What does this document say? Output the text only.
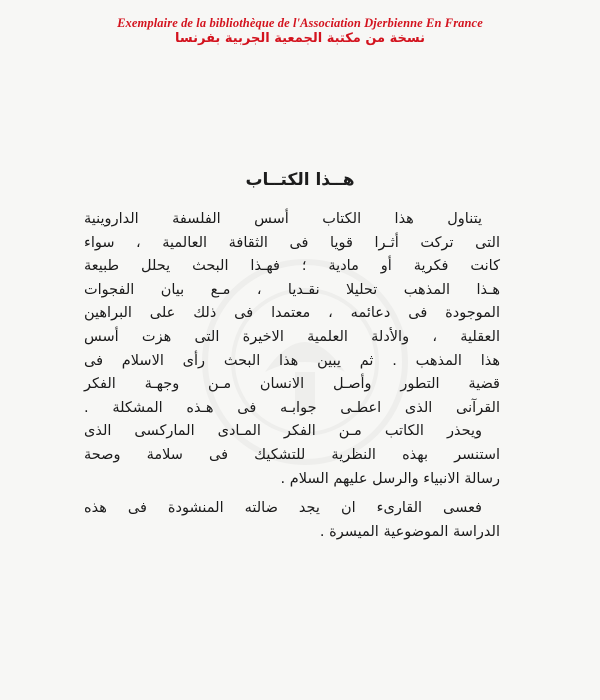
Exemplaire de la bibliothèque de l'Association Djerbienne En France
نسخة من مكتبة الجمعية الجربية بفرنسا
هــذا الكتــاب
يتناول هذا الكتاب أسس الفلسفة الداروينية
التى تركت أثـرا قويا فى الثقافة العالمية ، سواء
كانت فكرية أو مادية ؛ فهـذا البحث يحلل طبيعة
هـذا المذهب تحليلا نقـديا ، مـع بيان الفجوات
الموجودة فى دعائمه ، معتمدا فى ذلك على البراهين
العقلية ، والأدلة العلمية الاخيرة التى هزت أسس
هذا المذهب . ثم يبين هذا البحث رأى الاسلام فى
قضية التطور وأصـل الانسان مـن وجهـة الفكر
القرآنى الذى اعطـى جوابـه فى هـذه المشكلة .
ويحذر الكاتب مـن الفكر المـادى الماركسى الذى
استنسر بهذه النظرية للتشكيك فى سلامة وصحة
رسالة الانبياء والرسل عليهم السلام .
فعسى القارىء ان يجد ضالته المنشودة فى هذه
الدراسة الموضوعية الميسرة .
